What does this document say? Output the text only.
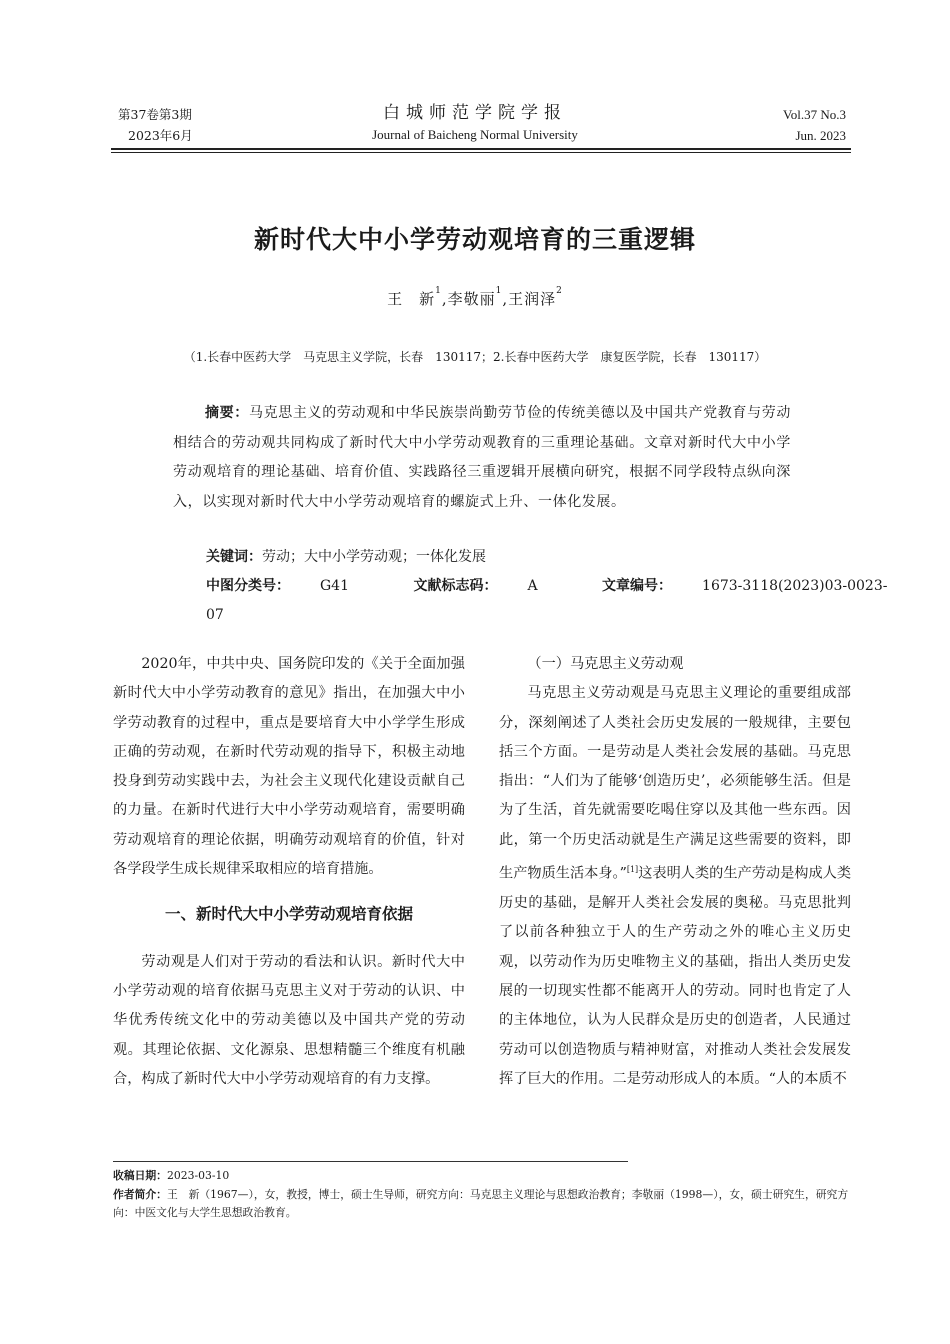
第37卷第3期
2023年6月
白城师范学院学报
Journal of Baicheng Normal University
Vol.37 No.3
Jun. 2023
新时代大中小学劳动观培育的三重逻辑
王　新$^1$,李敬丽$^1$,王润泽$^2$
（1.长春中医药大学　马克思主义学院，长春　130117；2.长春中医药大学　康复医学院，长春　130117）
摘要：马克思主义的劳动观和中华民族崇尚勤劳节俭的传统美德以及中国共产党教育与劳动相结合的劳动观共同构成了新时代大中小学劳动观教育的三重理论基础。文章对新时代大中小学劳动观培育的理论基础、培育价值、实践路径三重逻辑开展横向研究，根据不同学段特点纵向深入，以实现对新时代大中小学劳动观培育的螺旋式上升、一体化发展。
关键词：劳动；大中小学劳动观；一体化发展
中图分类号： G41	文献标志码： A	文章编号： 1673-3118(2023)03-0023-07

2020年，中共中央、国务院印发的《关于全面加强新时代大中小学劳动教育的意见》指出，在加强大中小学劳动教育的过程中，重点是要培育大中小学学生形成正确的劳动观，在新时代劳动观的指导下，积极主动地投身到劳动实践中去，为社会主义现代化建设贡献自己的力量。在新时代进行大中小学劳动观培育，需要明确劳动观培育的理论依据，明确劳动观培育的价值，针对各学段学生成长规律采取相应的培育措施。

一、新时代大中小学劳动观培育依据

劳动观是人们对于劳动的看法和认识。新时代大中小学劳动观的培育依据马克思主义对于劳动的认识、中华优秀传统文化中的劳动美德以及中国共产党的劳动观。其理论依据、文化源泉、思想精髓三个维度有机融合，构成了新时代大中小学劳动观培育的有力支撑。

（一）马克思主义劳动观

马克思主义劳动观是马克思主义理论的重要组成部分，深刻阐述了人类社会历史发展的一般规律，主要包括三个方面。一是劳动是人类社会发展的基础。马克思指出：“人们为了能够‘创造历史’，必须能够生活。但是为了生活，首先就需要吃喝住穿以及其他一些东西。因此，第一个历史活动就是生产满足这些需要的资料，即生产物质生活本身。”[1]这表明人类的生产劳动是构成人类历史的基础，是解开人类社会发展的奥秘。马克思批判了以前各种独立于人的生产劳动之外的唯心主义历史观，以劳动作为历史唯物主义的基础，指出人类历史发展的一切现实性都不能离开人的劳动。同时也肯定了人的主体地位，认为人民群众是历史的创造者，人民通过劳动可以创造物质与精神财富，对推动人类社会发展发挥了巨大的作用。二是劳动形成人的本质。“人的本质不

收稿日期：2023-03-10
作者简介：王　新（1967—），女，教授，博士，硕士生导师，研究方向：马克思主义理论与思想政治教育；李敬丽（1998—），女，硕士研究生，研究方向：中医文化与大学生思想政治教育。
